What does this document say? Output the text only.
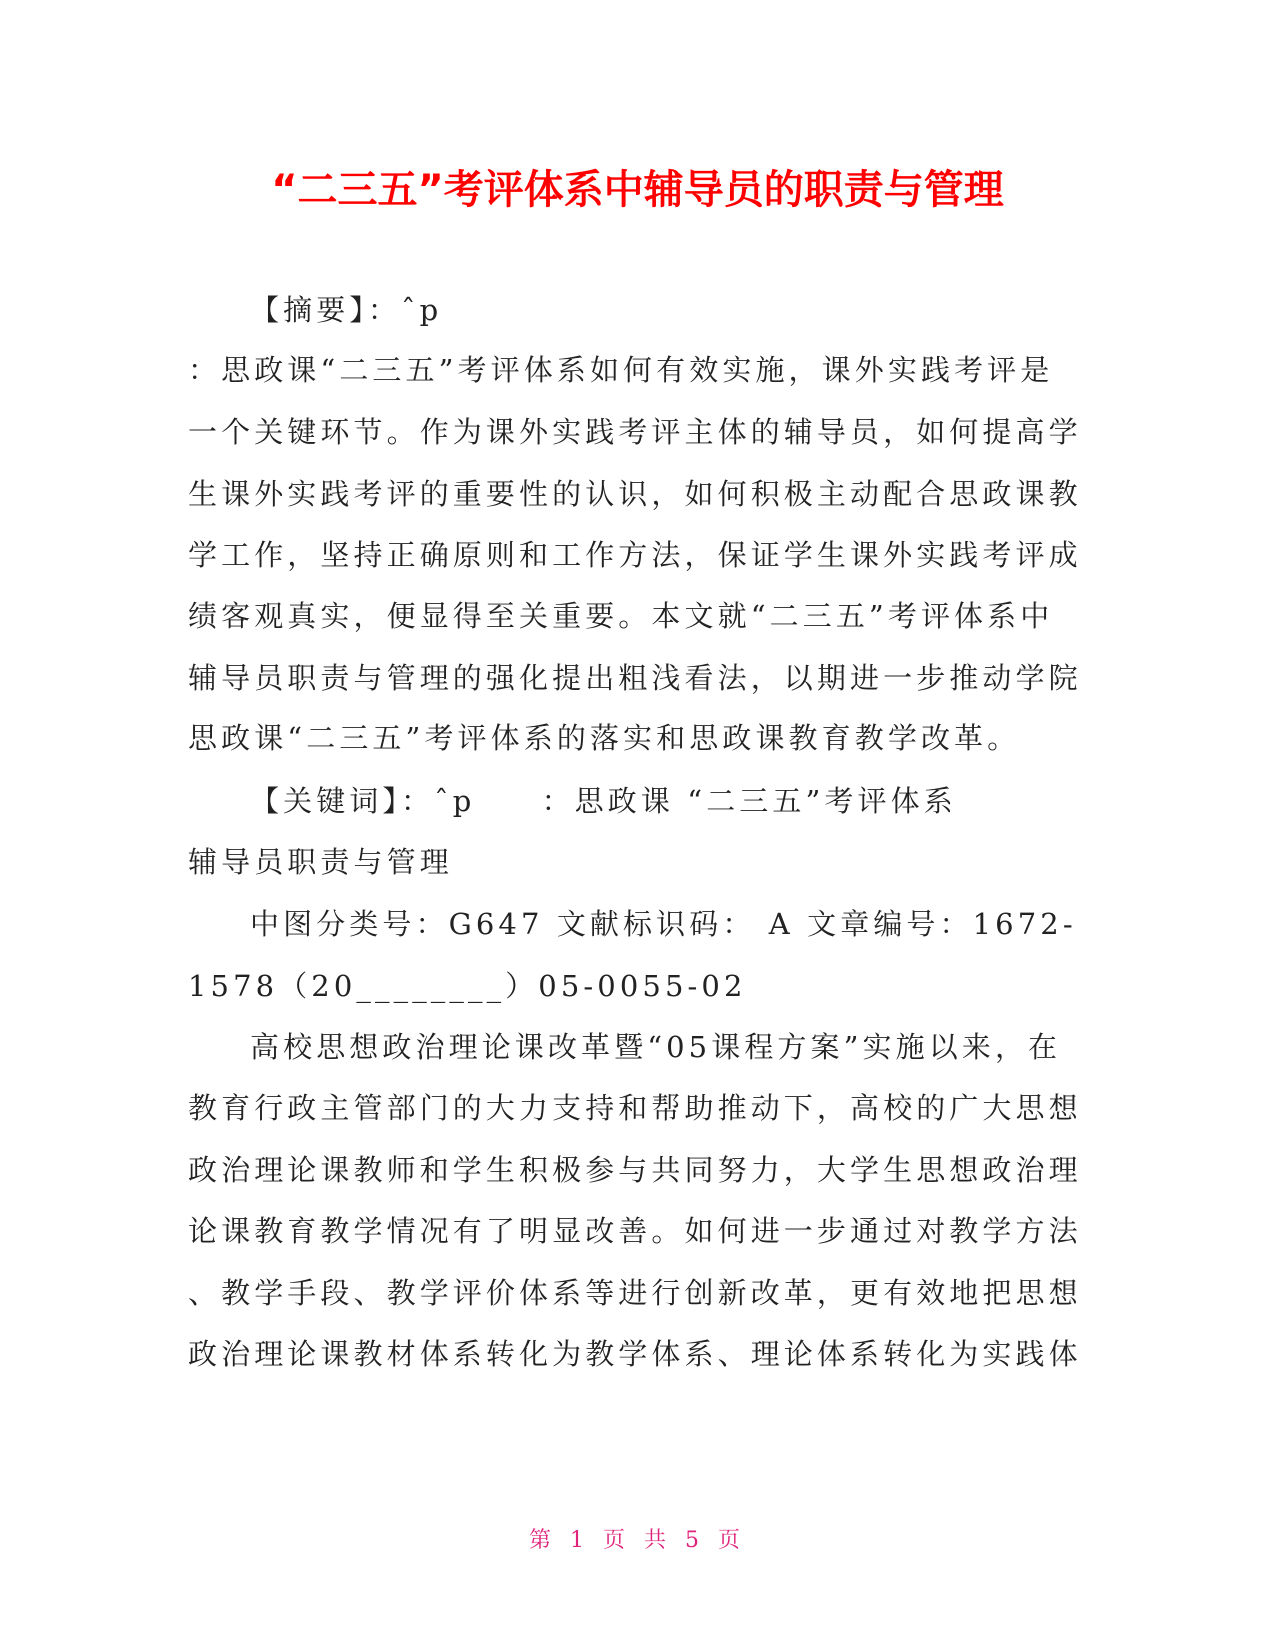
“二三五”考评体系中辅导员的职责与管理
【摘要】：ˆp
：思政课“二三五”考评体系如何有效实施，课外实践考评是
一个关键环节。作为课外实践考评主体的辅导员，如何提高学
生课外实践考评的重要性的认识，如何积极主动配合思政课教
学工作，坚持正确原则和工作方法，保证学生课外实践考评成
绩客观真实，便显得至关重要。本文就“二三五”考评体系中
辅导员职责与管理的强化提出粗浅看法，以期进一步推动学院
思政课“二三五”考评体系的落实和思政课教育教学改革。
【关键词】：ˆp　　：思政课 “二三五”考评体系
辅导员职责与管理
中图分类号：G647 文献标识码： A 文章编号：1672-
1578（20________）05-0055-02
高校思想政治理论课改革暨“05课程方案”实施以来，在
教育行政主管部门的大力支持和帮助推动下，高校的广大思想
政治理论课教师和学生积极参与共同努力，大学生思想政治理
论课教育教学情况有了明显改善。如何进一步通过对教学方法
、教学手段、教学评价体系等进行创新改革，更有效地把思想
政治理论课教材体系转化为教学体系、理论体系转化为实践体
第 1 页 共 5 页
